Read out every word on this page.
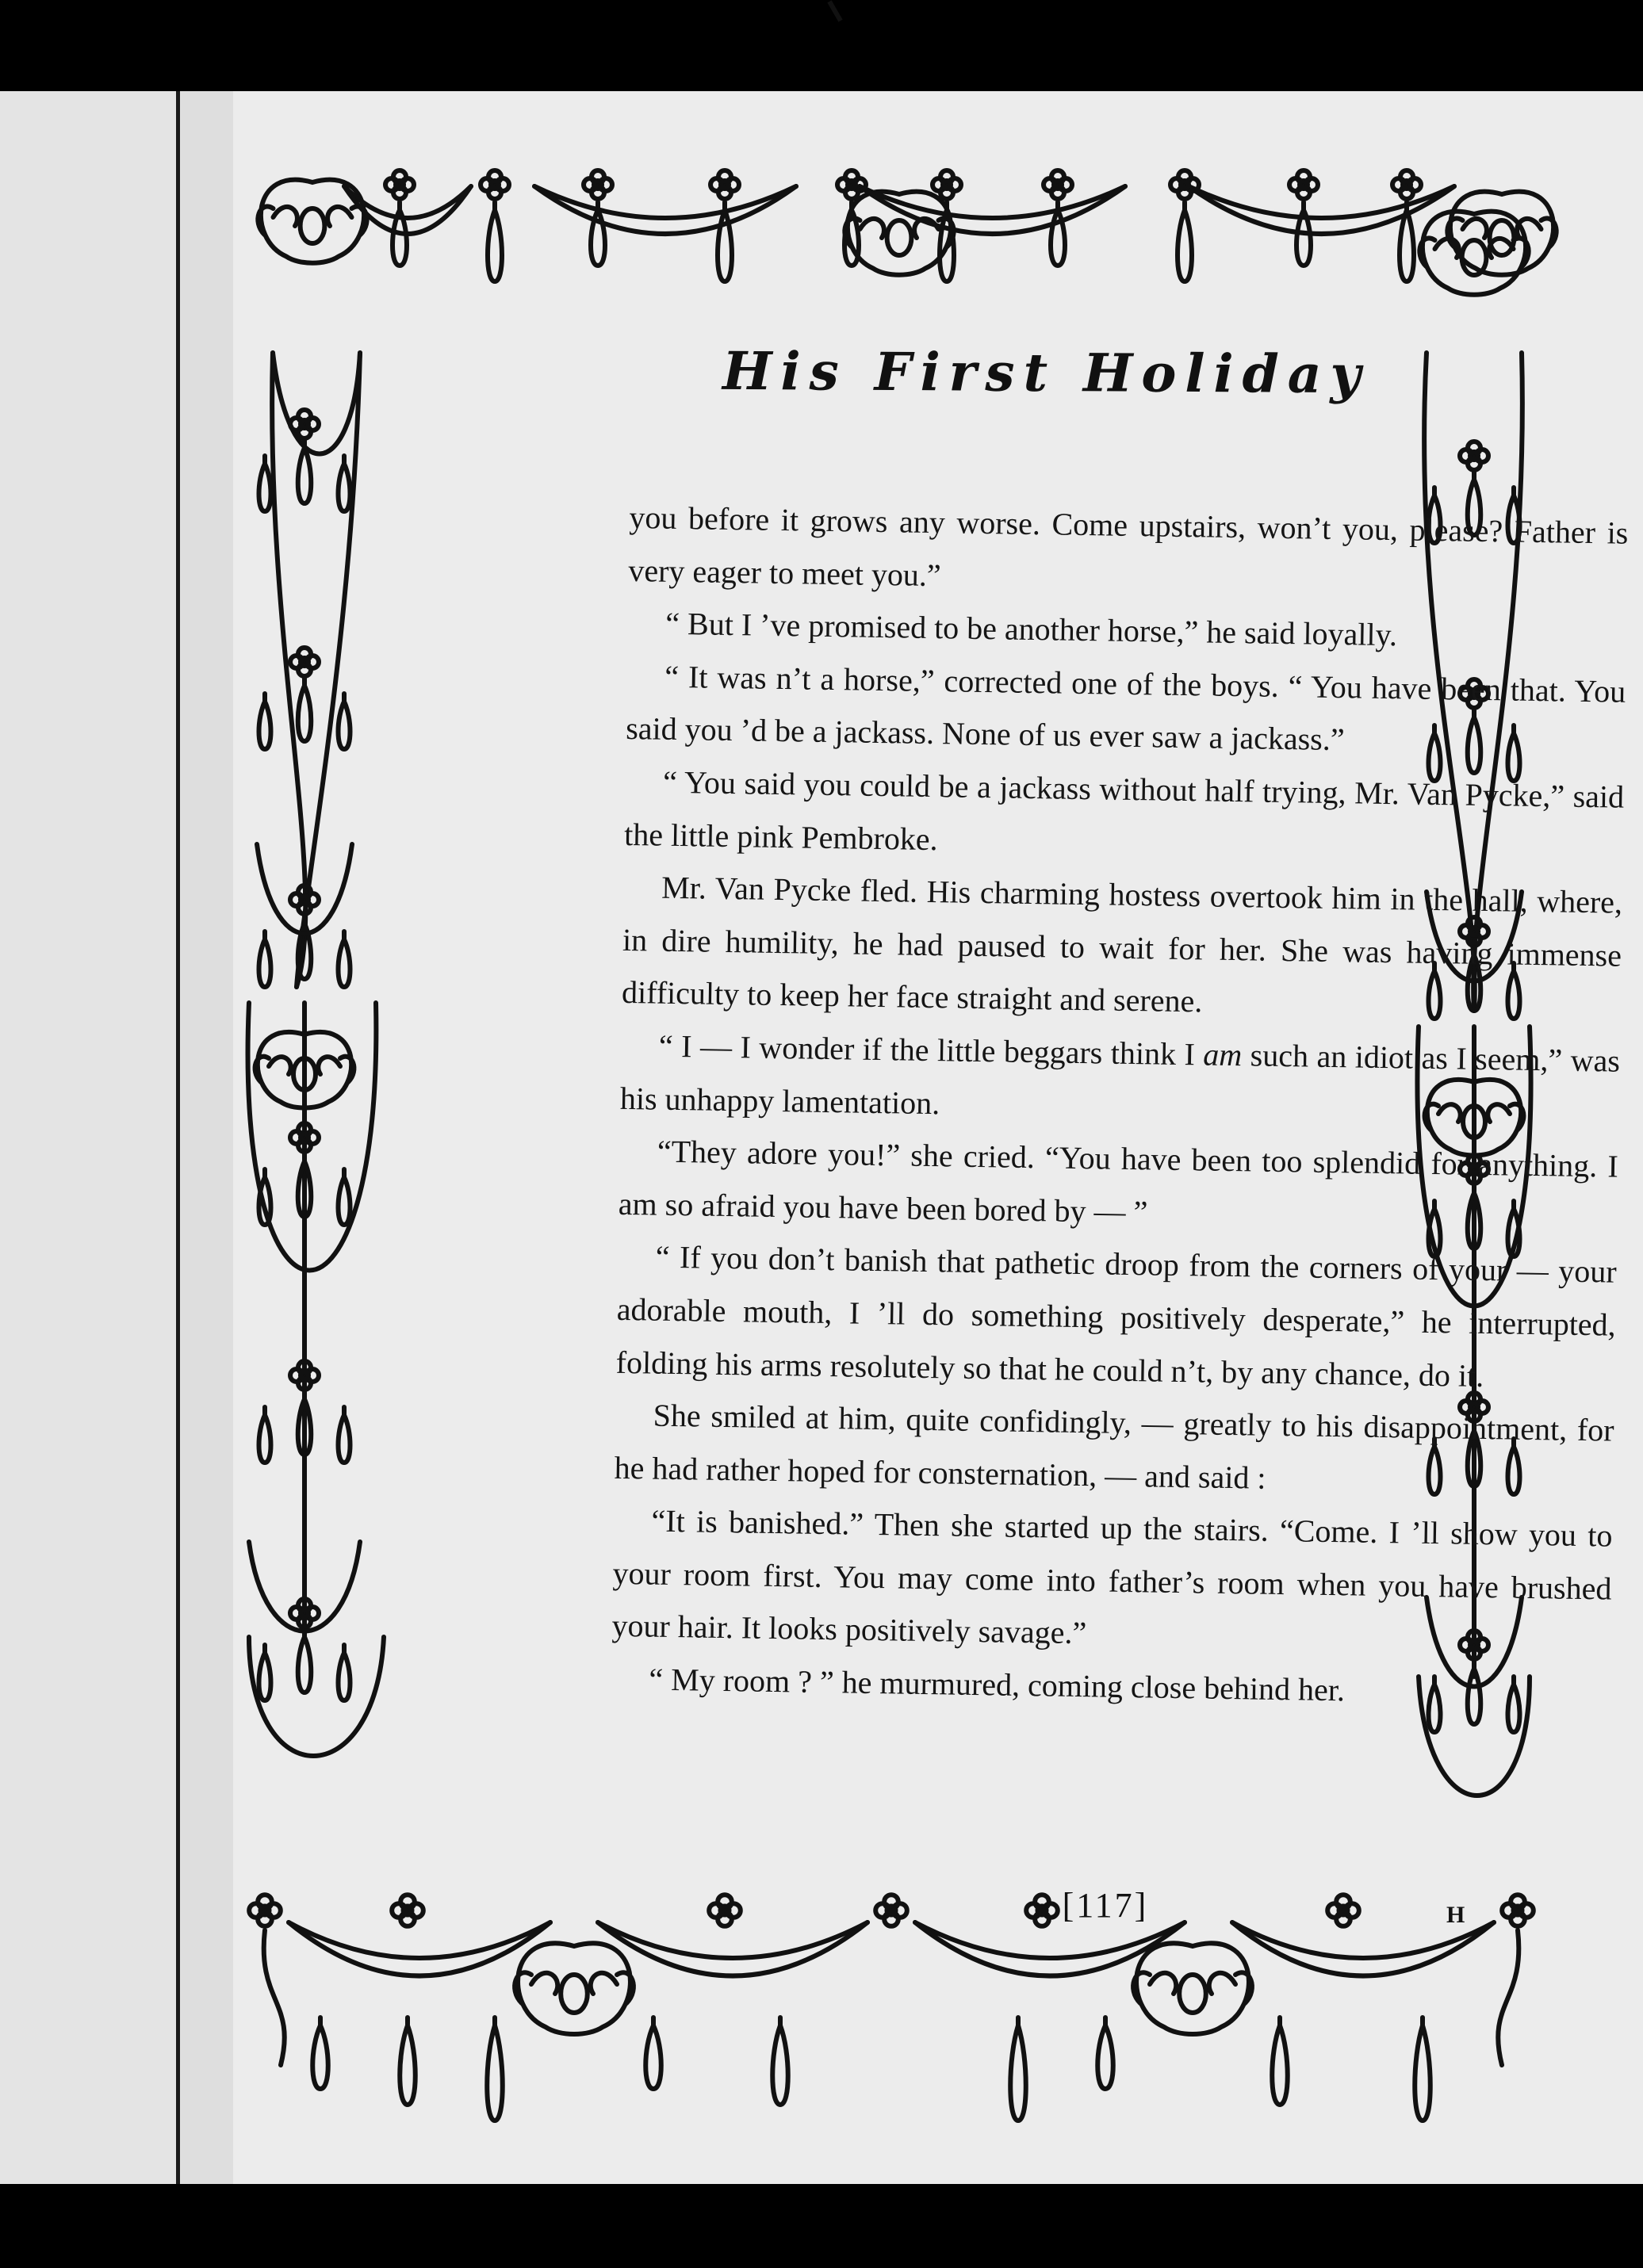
H
His First Holiday

you before it grows any worse. Come upstairs, won’t you, please? Father is very eager to meet you.”

“ But I ’ve promised to be another horse,” he said loyally.

“ It was n’t a horse,” corrected one of the boys. “ You have been that. You said you ’d be a jackass. None of us ever saw a jackass.”

“ You said you could be a jackass without half trying, Mr. Van Pycke,” said the little pink Pembroke.

Mr. Van Pycke fled. His charming hostess overtook him in the hall, where, in dire humility, he had paused to wait for her. She was having immense difficulty to keep her face straight and serene.

“ I — I wonder if the little beggars think I am such an idiot as I seem,” was his unhappy lamentation.

“They adore you!” she cried. “You have been too splendid for anything. I am so afraid you have been bored by — ”

“ If you don’t banish that pathetic droop from the corners of your — your adorable mouth, I ’ll do something positively desperate,” he interrupted, folding his arms resolutely so that he could n’t, by any chance, do it.

She smiled at him, quite confidingly, — greatly to his disappointment, for he had rather hoped for consternation, — and said :

“It is banished.” Then she started up the stairs. “Come. I ’ll show you to your room first. You may come into father’s room when you have brushed your hair. It looks positively savage.”

“ My room ? ” he murmured, coming close behind her.

[117]
